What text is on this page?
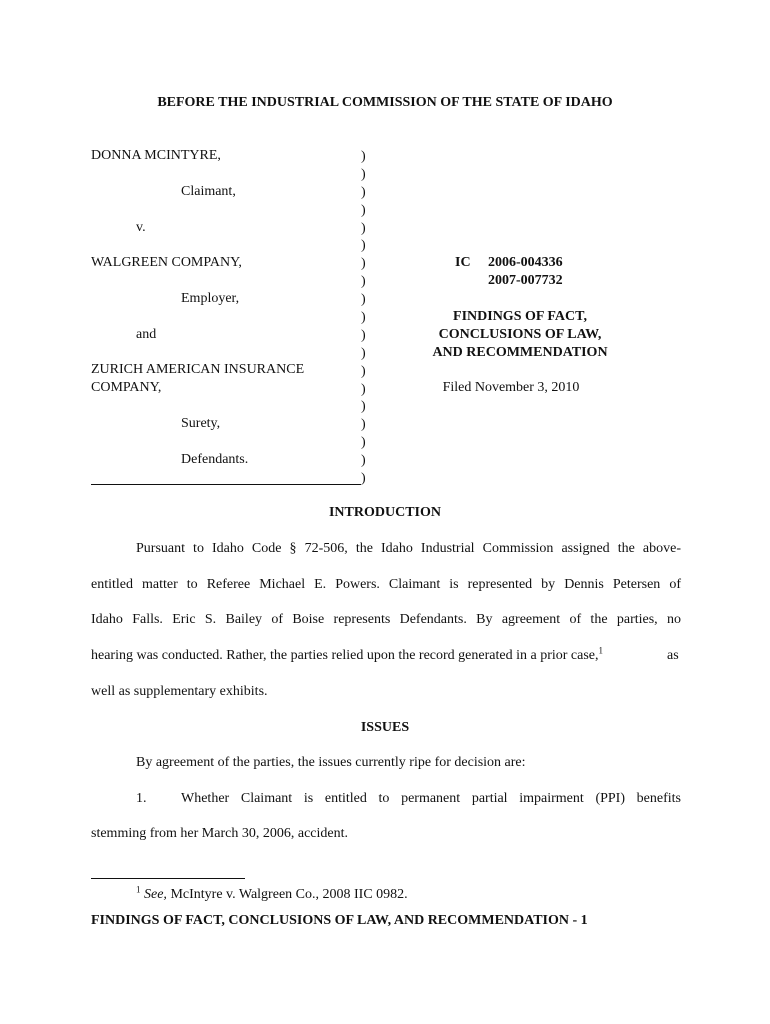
BEFORE THE INDUSTRIAL COMMISSION OF THE STATE OF IDAHO
DONNA MCINTYRE,
Claimant,
v.
WALGREEN COMPANY,
Employer,
and
ZURICH AMERICAN INSURANCE
COMPANY,
Surety,
Defendants.
)
)
)
)
)
)
)
)
)
)
)
)
)
)
)
)
)
)
)
IC 2006-004336
2007-007732
FINDINGS OF FACT,
CONCLUSIONS OF LAW,
AND RECOMMENDATION
Filed November 3, 2010
INTRODUCTION
Pursuant to Idaho Code § 72-506, the Idaho Industrial Commission assigned the above-
entitled matter to Referee Michael E. Powers. Claimant is represented by Dennis Petersen of
Idaho Falls. Eric S. Bailey of Boise represents Defendants. By agreement of the parties, no
hearing was conducted. Rather, the parties relied upon the record generated in a prior case,$^1$	as
well as supplementary exhibits.
ISSUES
By agreement of the parties, the issues currently ripe for decision are:
1. Whether Claimant is entitled to permanent partial impairment (PPI) benefits
stemming from her March 30, 2006, accident.
$^1$ See, McIntyre v. Walgreen Co., 2008 IIC 0982.
FINDINGS OF FACT, CONCLUSIONS OF LAW, AND RECOMMENDATION - 1
